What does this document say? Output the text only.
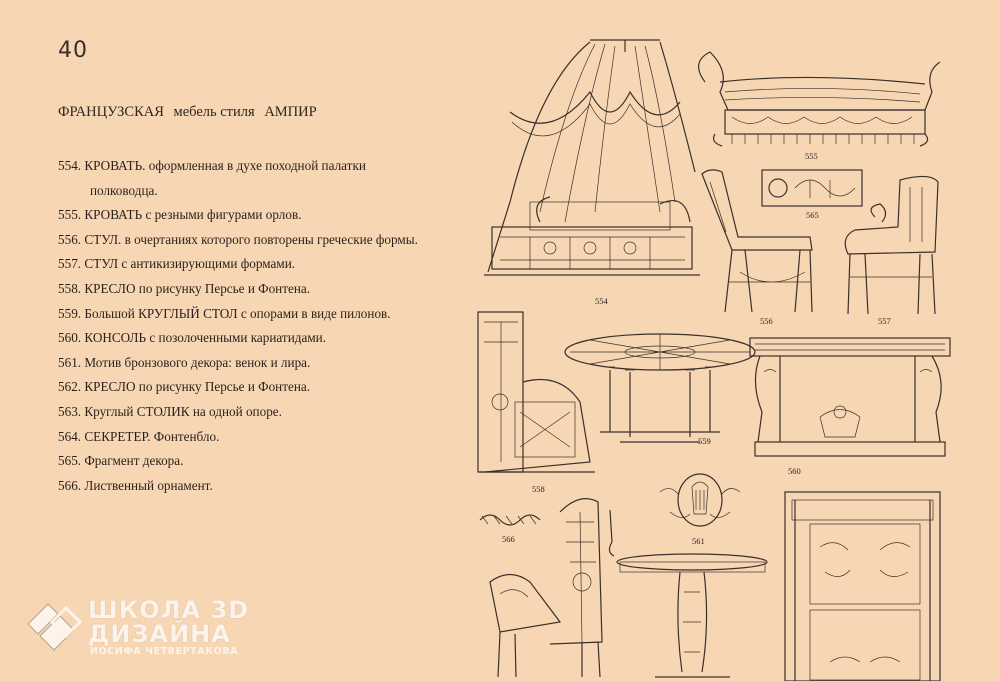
40
ФРАНЦУЗСКАЯ мебель стиля АМПИР
554. КРОВАТЬ. оформленная в духе походной палатки
полководца.
555. КРОВАТЬ с резными фигурами орлов.
556. СТУЛ. в очертаниях которого повторены греческие формы.
557. СТУЛ с антикизирующими формами.
558. КРЕСЛО по рисунку Персье и Фонтена.
559. Большой КРУГЛЫЙ СТОЛ с опорами в виде пилонов.
560. КОНСОЛЬ с позолоченными кариатидами.
561. Мотив бронзового декора: венок и лира.
562. КРЕСЛО по рисунку Персье и Фонтена.
563. Круглый СТОЛИК на одной опоре.
564. СЕКРЕТЕР. Фонтенбло.
565. Фрагмент декора.
566. Лиственный орнамент.
554
555
556
565
557
558
559
560
561
566
ШКОЛА 3D
ДИЗАЙНА
ИОСИФА ЧЕТВЕРТАКОВА
